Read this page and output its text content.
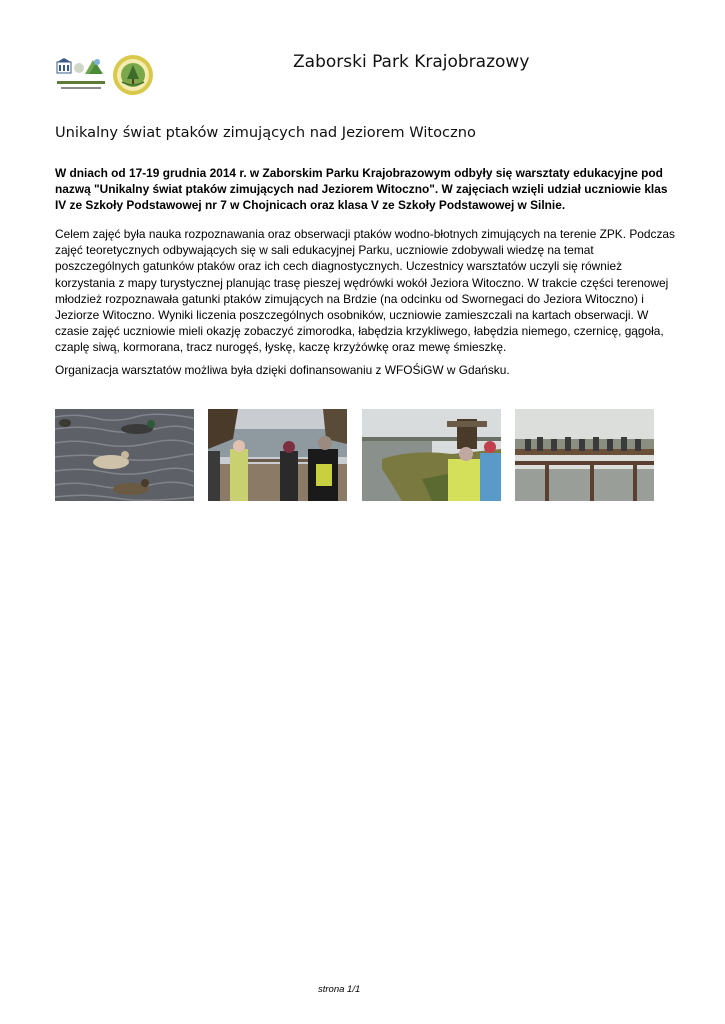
Zaborski Park Krajobrazowy
Unikalny świat ptaków zimujących nad Jeziorem Witoczno

W dniach od 17-19 grudnia 2014 r. w Zaborskim Parku Krajobrazowym odbyły się warsztaty edukacyjne pod nazwą "Unikalny świat ptaków zimujących nad Jeziorem Witoczno". W zajęciach wzięli udział uczniowie klas IV ze Szkoły Podstawowej nr 7 w Chojnicach oraz klasa V ze Szkoły Podstawowej w Silnie.

Celem zajęć była nauka rozpoznawania oraz obserwacji ptaków wodno-błotnych zimujących na terenie ZPK. Podczas zajęć teoretycznych odbywających się w sali edukacyjnej Parku, uczniowie zdobywali wiedzę na temat poszczególnych gatunków ptaków oraz ich cech diagnostycznych. Uczestnicy warsztatów uczyli się również korzystania z mapy turystycznej planując trasę pieszej wędrówki wokół Jeziora Witoczno. W trakcie części terenowej młodzież rozpoznawała gatunki ptaków zimujących na Brdzie (na odcinku od Swornegaci do Jeziora Witoczno) i Jeziorze Witoczno. Wyniki liczenia poszczególnych osobników, uczniowie zamieszczali na kartach obserwacji. W czasie zajęć uczniowie mieli okazję zobaczyć zimorodka, łabędzia krzykliwego, łabędzia niemego, czernicę, gągoła, czaplę siwą, kormorana, tracz nurogęś, łyskę, kaczę krzyżówkę oraz mewę śmieszkę.

Organizacja warsztatów możliwa była dzięki dofinansowaniu z WFOŚiGW w Gdańsku.

strona 1/1
